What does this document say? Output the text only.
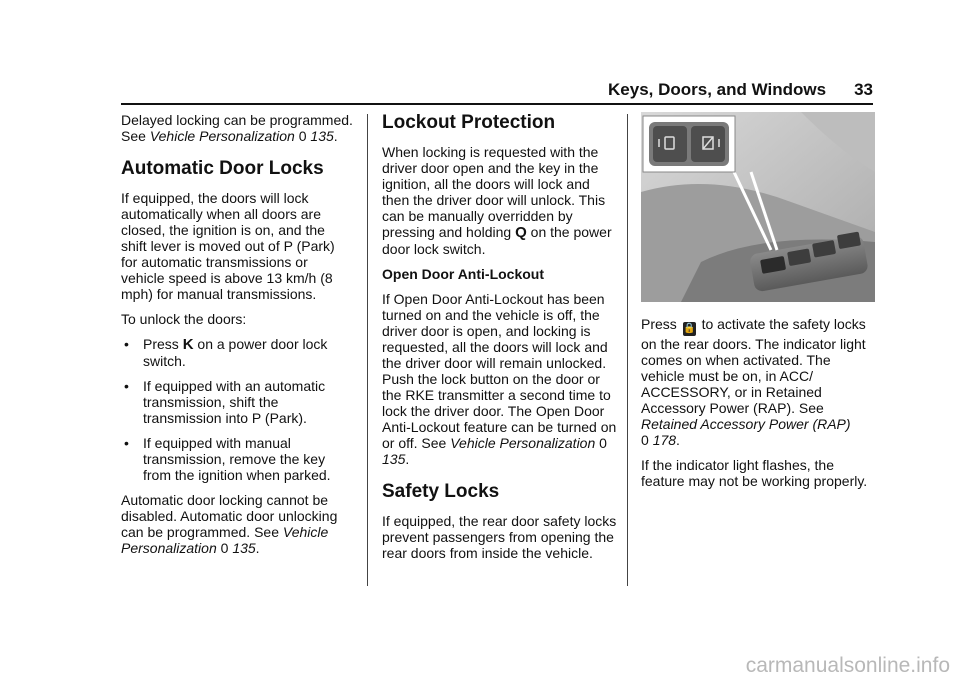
Keys, Doors, and Windows 33

Delayed locking can be programmed. See Vehicle Personalization 0 135.

Automatic Door Locks

If equipped, the doors will lock automatically when all doors are closed, the ignition is on, and the shift lever is moved out of P (Park) for automatic transmissions or vehicle speed is above 13 km/h (8 mph) for manual transmissions.

To unlock the doors:

• Press K on a power door lock switch.
• If equipped with an automatic transmission, shift the transmission into P (Park).
• If equipped with manual transmission, remove the key from the ignition when parked.

Automatic door locking cannot be disabled. Automatic door unlocking can be programmed. See Vehicle Personalization 0 135.

Lockout Protection

When locking is requested with the driver door open and the key in the ignition, all the doors will lock and then the driver door will unlock. This can be manually overridden by pressing and holding Q on the power door lock switch.

Open Door Anti-Lockout

If Open Door Anti-Lockout has been turned on and the vehicle is off, the driver door is open, and locking is requested, all the doors will lock and the driver door will remain unlocked. Push the lock button on the door or the RKE transmitter a second time to lock the driver door. The Open Door Anti-Lockout feature can be turned on or off. See Vehicle Personalization 0 135.

Safety Locks

If equipped, the rear door safety locks prevent passengers from opening the rear doors from inside the vehicle.

Press 🔒 to activate the safety locks on the rear doors. The indicator light comes on when activated. The vehicle must be on, in ACC/ ACCESSORY, or in Retained Accessory Power (RAP). See Retained Accessory Power (RAP)
0 178.

If the indicator light flashes, the feature may not be working properly.

carmanualsonline.info
